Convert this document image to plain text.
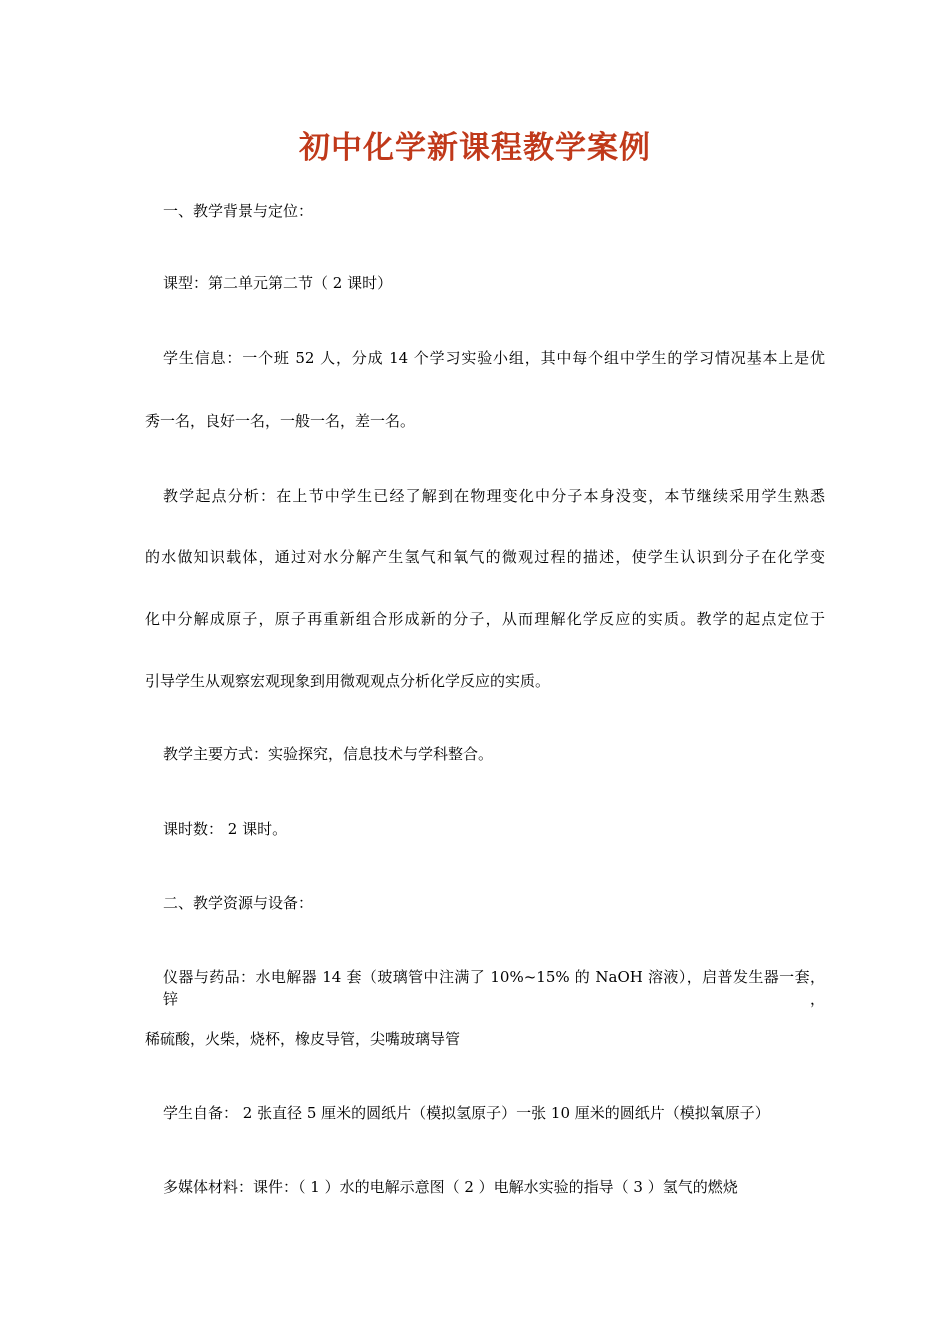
初中化学新课程教学案例
一、教学背景与定位：
课型：第二单元第二节（ 2 课时）
学生信息：一个班 52 人，分成 14 个学习实验小组，其中每个组中学生的学习情况基本上是优
秀一名，良好一名，一般一名，差一名。
教学起点分析：在上节中学生已经了解到在物理变化中分子本身没变，本节继续采用学生熟悉
的水做知识载体，通过对水分解产生氢气和氧气的微观过程的描述，使学生认识到分子在化学变
化中分解成原子，原子再重新组合形成新的分子，从而理解化学反应的实质。教学的起点定位于
引导学生从观察宏观现象到用微观观点分析化学反应的实质。
教学主要方式：实验探究，信息技术与学科整合。
课时数： 2 课时。
二、教学资源与设备：
仪器与药品：水电解器 14 套（玻璃管中注满了 10%~15% 的 NaOH 溶液），启普发生器一套，锌，
稀硫酸，火柴，烧杯，橡皮导管，尖嘴玻璃导管
学生自备： 2 张直径 5 厘米的圆纸片（模拟氢原子）一张 10 厘米的圆纸片（模拟氧原子）
多媒体材料：课件：（ 1 ）水的电解示意图（ 2 ）电解水实验的指导（ 3 ）氢气的燃烧
